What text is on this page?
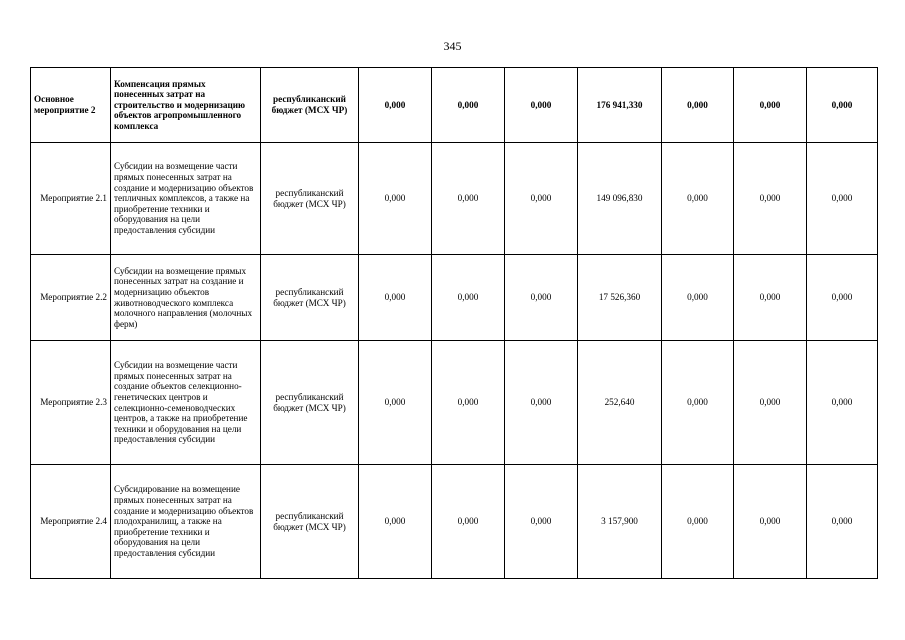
345
Основное мероприятие 2	Компенсация прямых понесенных затрат на строительство и модернизацию объектов агропромышленного комплекса	республиканский бюджет (МСХ ЧР)	0,000	0,000	0,000	176 941,330	0,000	0,000	0,000

Мероприятие 2.1	Субсидии на возмещение части прямых понесенных затрат на создание и модернизацию объектов тепличных комплексов, а также на приобретение техники и оборудования на цели предоставления субсидии	республиканский бюджет (МСХ ЧР)	0,000	0,000	0,000	149 096,830	0,000	0,000	0,000

Мероприятие 2.2	Субсидии на возмещение прямых понесенных затрат на создание и модернизацию объектов животноводческого комплекса молочного направления (молочных ферм)	республиканский бюджет (МСХ ЧР)	0,000	0,000	0,000	17 526,360	0,000	0,000	0,000

Мероприятие 2.3	Субсидии на возмещение части прямых понесенных затрат на создание объектов селекционно-генетических центров и селекционно-семеноводческих центров, а также на приобретение техники и оборудования на цели предоставления субсидии	республиканский бюджет (МСХ ЧР)	0,000	0,000	0,000	252,640	0,000	0,000	0,000

Мероприятие 2.4	Субсидирование на возмещение прямых понесенных затрат на создание и модернизацию объектов плодохранилищ, а также на приобретение техники и оборудования на цели предоставления субсидии	республиканский бюджет (МСХ ЧР)	0,000	0,000	0,000	3 157,900	0,000	0,000	0,000
